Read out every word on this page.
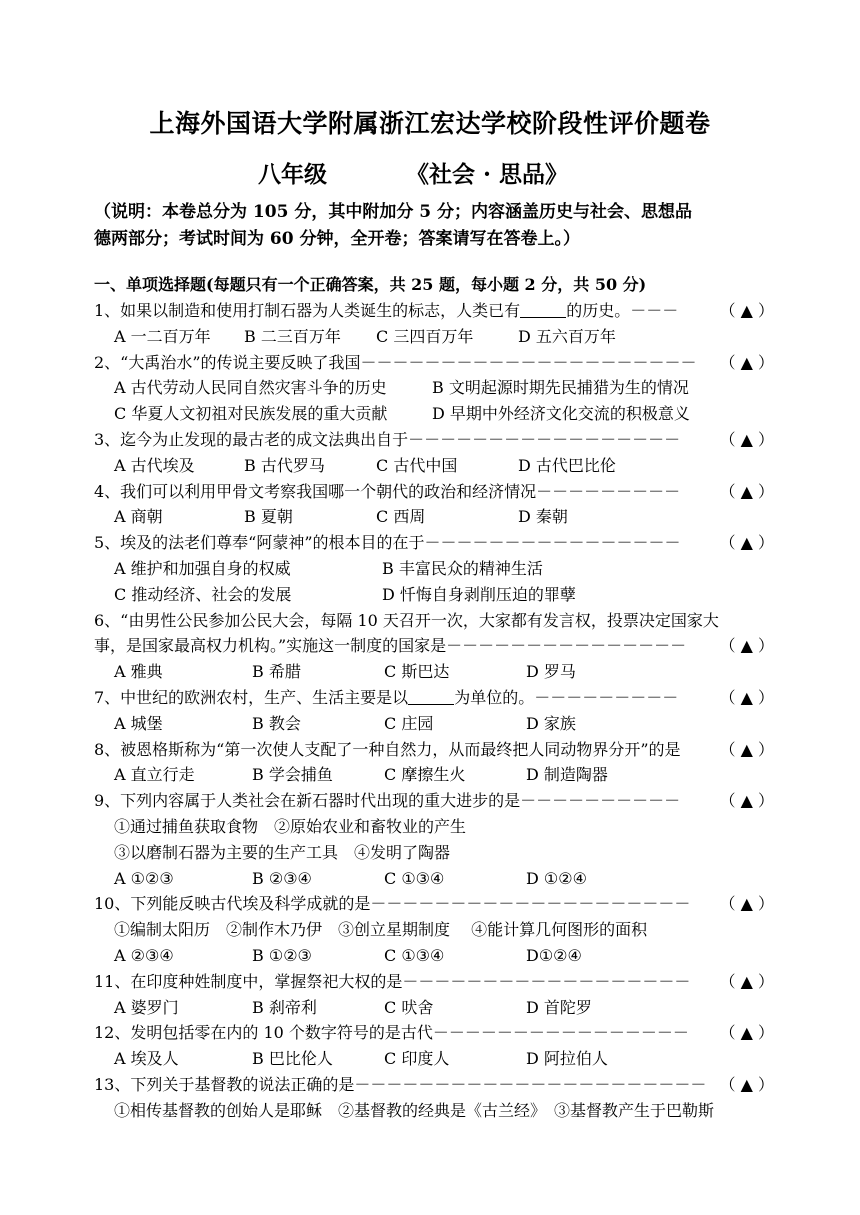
上海外国语大学附属浙江宏达学校阶段性评价题卷
八年级	《社会 · 思品》
（说明：本卷总分为 105 分，其中附加分 5 分；内容涵盖历史与社会、思想品
德两部分；考试时间为 60 分钟，全开卷；答案请写在答卷上。）
一、单项选择题(每题只有一个正确答案，共 25 题，每小题 2 分，共 50 分)
1、如果以制造和使用打制石器为人类诞生的标志，人类已有	的历史。－－－	（ ▲ ）
A 一二百万年 B 二三百万年 C 三四百万年	D 五六百万年
2、“大禹治水”的传说主要反映了我国－－－－－－－－－－－－－－－－－－－－－ （ ▲ ）
A 古代劳动人民同自然灾害斗争的历史	B 文明起源时期先民捕猎为生的情况
C 华夏人文初祖对民族发展的重大贡献	D 早期中外经济文化交流的积极意义
3、迄今为止发现的最古老的成文法典出自于－－－－－－－－－－－－－－－－－ （ ▲ ）
A 古代埃及	B 古代罗马	C 古代中国	D 古代巴比伦
4、我们可以利用甲骨文考察我国哪一个朝代的政治和经济情况－－－－－－－－－ （ ▲ ）
A 商朝	B 夏朝	C 西周	D 秦朝
5、埃及的法老们尊奉“阿蒙神”的根本目的在于－－－－－－－－－－－－－－－－ （ ▲ ）
A 维护和加强自身的权威	B 丰富民众的精神生活
C 推动经济、社会的发展	D 忏悔自身剥削压迫的罪孽
6、“由男性公民参加公民大会，每隔 10 天召开一次，大家都有发言权，投票决定国家大
事，是国家最高权力机构。”实施这一制度的国家是－－－－－－－－－－－－－－－ （ ▲ ）
A 雅典	B 希腊	C 斯巴达	D 罗马
7、中世纪的欧洲农村，生产、生活主要是以	为单位的。－－－－－－－－－	（ ▲ ）
A 城堡	B 教会	C 庄园	D 家族
8、被恩格斯称为“第一次使人支配了一种自然力，从而最终把人同动物界分开”的是 （ ▲ ）
A 直立行走	B 学会捕鱼	C 摩擦生火	D 制造陶器
9、下列内容属于人类社会在新石器时代出现的重大进步的是－－－－－－－－－－ （ ▲ ）
①通过捕鱼获取食物　②原始农业和畜牧业的产生
③以磨制石器为主要的生产工具　④发明了陶器
A ①②③	B ②③④	C ①③④	D ①②④
10、下列能反映古代埃及科学成就的是－－－－－－－－－－－－－－－－－－－－ （ ▲ ）
①编制太阳历　②制作木乃伊　③创立星期制度　 ④能计算几何图形的面积
A ②③④	B ①②③	C ①③④	D①②④
11、在印度种姓制度中，掌握祭祀大权的是－－－－－－－－－－－－－－－－－－ （ ▲ ）
A 婆罗门	B 刹帝利	C 吠舍	D 首陀罗
12、发明包括零在内的 10 个数字符号的是古代－－－－－－－－－－－－－－－－ （ ▲ ）
A 埃及人	B 巴比伦人	C 印度人	D 阿拉伯人
13、下列关于基督教的说法正确的是－－－－－－－－－－－－－－－－－－－－－－ （ ▲ ）
①相传基督教的创始人是耶稣　②基督教的经典是《古兰经》　③基督教产生于巴勒斯
